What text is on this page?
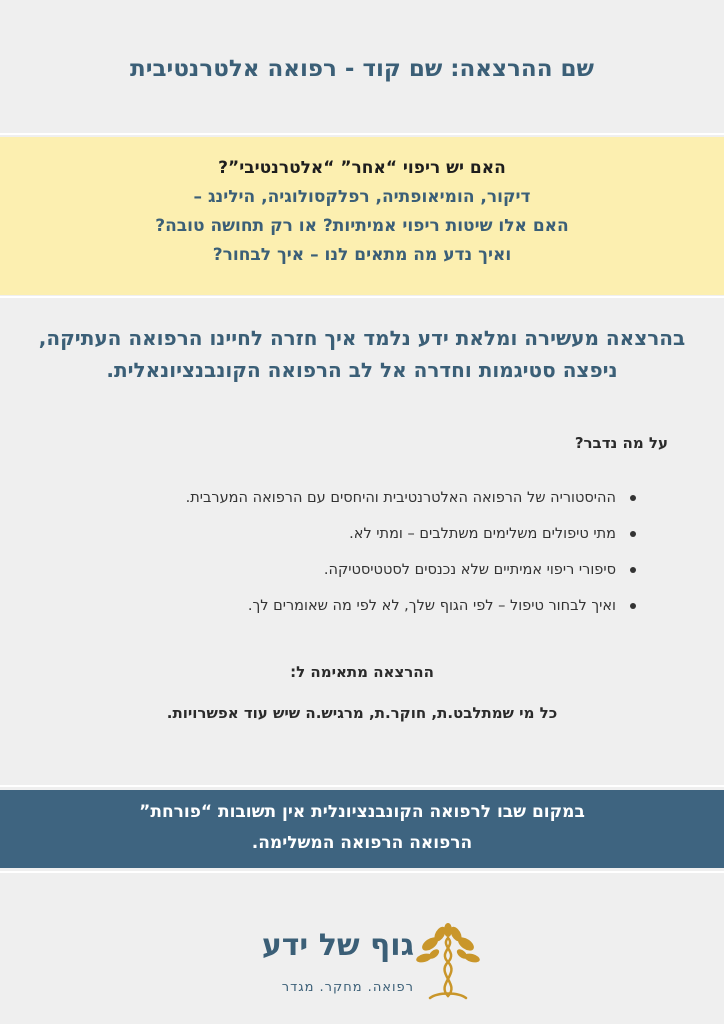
שם ההרצאה: שם קוד - רפואה אלטרנטיבית
האם יש ריפוי “אחר” “אלטרנטיבי”?
דיקור, הומיאופתיה, רפלקסולוגיה, הילינג –
האם אלו שיטות ריפוי אמיתיות? או רק תחושה טובה?
ואיך נדע מה מתאים לנו – איך לבחור?
בהרצאה מעשירה ומלאת ידע נלמד איך חזרה לחיינו הרפואה העתיקה,
ניפצה סטיגמות וחדרה אל לב הרפואה הקונבנציונאלית.
על מה נדבר?
ההיסטוריה של הרפואה האלטרנטיבית והיחסים עם הרפואה המערבית.
מתי טיפולים משלימים משתלבים – ומתי לא.
סיפורי ריפוי אמיתיים שלא נכנסים לסטטיסטיקה.
ואיך לבחור טיפול – לפי הגוף שלך, לא לפי מה שאומרים לך.
ההרצאה מתאימה ל:
כל מי שמתלבט.ת, חוקר.ת, מרגיש.ה שיש עוד אפשרויות.
במקום שבו לרפואה הקונבנציונלית אין תשובות “פורחת”
הרפואה הרפואה המשלימה.
גוף של ידע
רפואה. מחקר. מגדר
